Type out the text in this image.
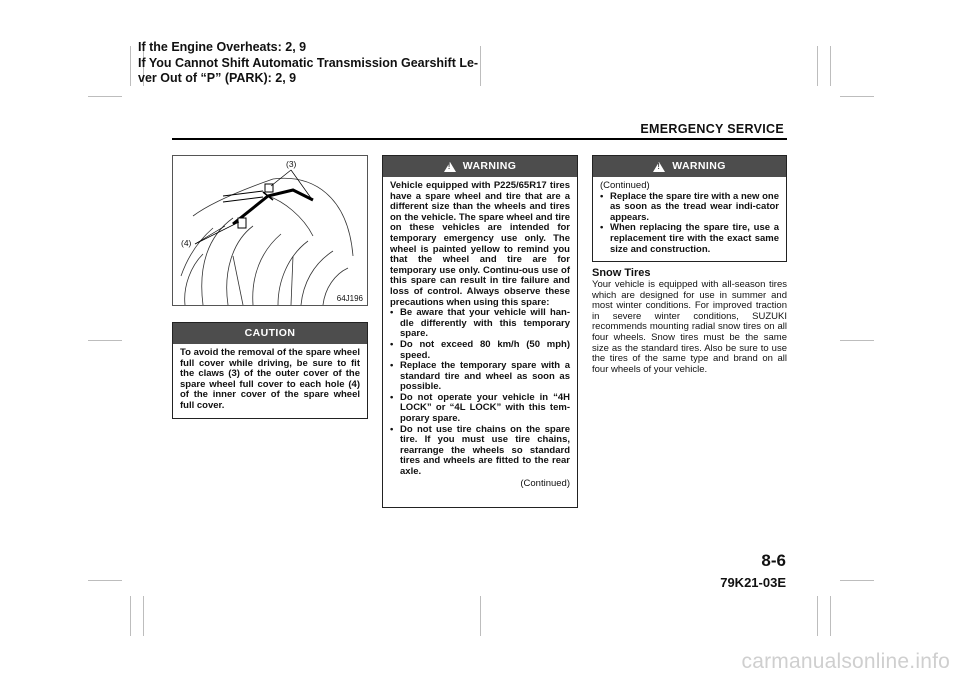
If the Engine Overheats: 2, 9
If You Cannot Shift Automatic Transmission Gearshift Le-
ver Out of “P” (PARK): 2, 9
EMERGENCY SERVICE
(3)
(4)
64J196
CAUTION

To avoid the removal of the spare wheel full cover while driving, be sure to fit the claws (3) of the outer cover of the spare wheel full cover to each hole (4) of the inner cover of the spare wheel full cover.

!
WARNING

Vehicle equipped with P225/65R17 tires have a spare wheel and tire that are a different size than the wheels and tires on the vehicle. The spare wheel and tire on these vehicles are intended for temporary emergency use only. The wheel is painted yellow to remind you that the wheel and tire are for temporary use only. Continu-ous use of this spare can result in tire failure and loss of control. Always observe these precautions when using this spare:

• Be aware that your vehicle will han-dle differently with this temporary spare.
• Do not exceed 80 km/h (50 mph) speed.
• Replace the temporary spare with a standard tire and wheel as soon as possible.
• Do not operate your vehicle in “4H LOCK” or “4L LOCK” with this tem-porary spare.
• Do not use tire chains on the spare tire. If you must use tire chains, rearrange the wheels so standard tires and wheels are fitted to the rear axle.
(Continued)
!
WARNING
(Continued)
• Replace the spare tire with a new one as soon as the tread wear indi-cator appears.
• When replacing the spare tire, use a replacement tire with the exact same size and construction.
Snow Tires
Your vehicle is equipped with all-season tires which are designed for use in summer and most winter conditions. For improved traction in severe winter conditions, SUZUKI recommends mounting radial snow tires on all four wheels. Snow tires must be the same size as the standard tires. Also be sure to use the tires of the same type and brand on all four wheels of your vehicle.
8-6
79K21-03E
carmanualsonline.info
